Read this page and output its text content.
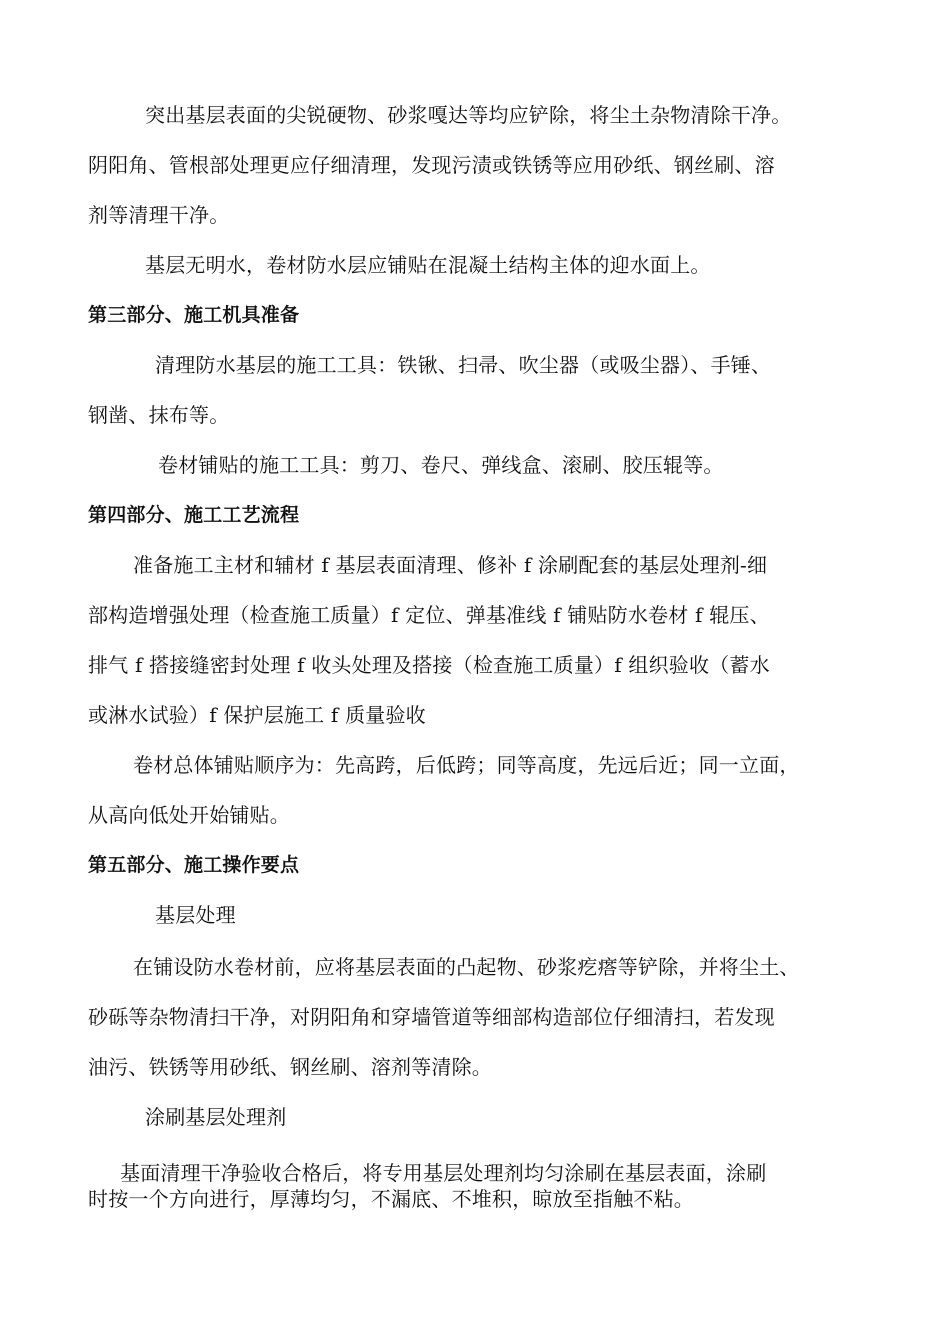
突出基层表面的尖锐硬物、砂浆嘎达等均应铲除，将尘土杂物清除干净。
阴阳角、管根部处理更应仔细清理，发现污渍或铁锈等应用砂纸、钢丝刷、溶
剂等清理干净。
基层无明水，卷材防水层应铺贴在混凝土结构主体的迎水面上。
第三部分、施工机具准备
清理防水基层的施工工具：铁锹、扫帚、吹尘器（或吸尘器）、手锤、
钢凿、抹布等。
卷材铺贴的施工工具：剪刀、卷尺、弹线盒、滚刷、胶压辊等。
第四部分、施工工艺流程
准备施工主材和辅材 f 基层表面清理、修补 f 涂刷配套的基层处理剂-细
部构造增强处理（检查施工质量）f 定位、弹基准线 f 铺贴防水卷材 f 辊压、
排气 f 搭接缝密封处理 f 收头处理及搭接（检查施工质量）f 组织验收（蓄水
或淋水试验）f 保护层施工 f 质量验收
卷材总体铺贴顺序为：先高跨，后低跨；同等高度，先远后近；同一立面，
从高向低处开始铺贴。
第五部分、施工操作要点
基层处理
在铺设防水卷材前，应将基层表面的凸起物、砂浆疙瘩等铲除，并将尘土、
砂砾等杂物清扫干净，对阴阳角和穿墙管道等细部构造部位仔细清扫，若发现
油污、铁锈等用砂纸、钢丝刷、溶剂等清除。
涂刷基层处理剂
基面清理干净验收合格后，将专用基层处理剂均匀涂刷在基层表面，涂刷
时按一个方向进行，厚薄均匀，不漏底、不堆积，晾放至指触不粘。
